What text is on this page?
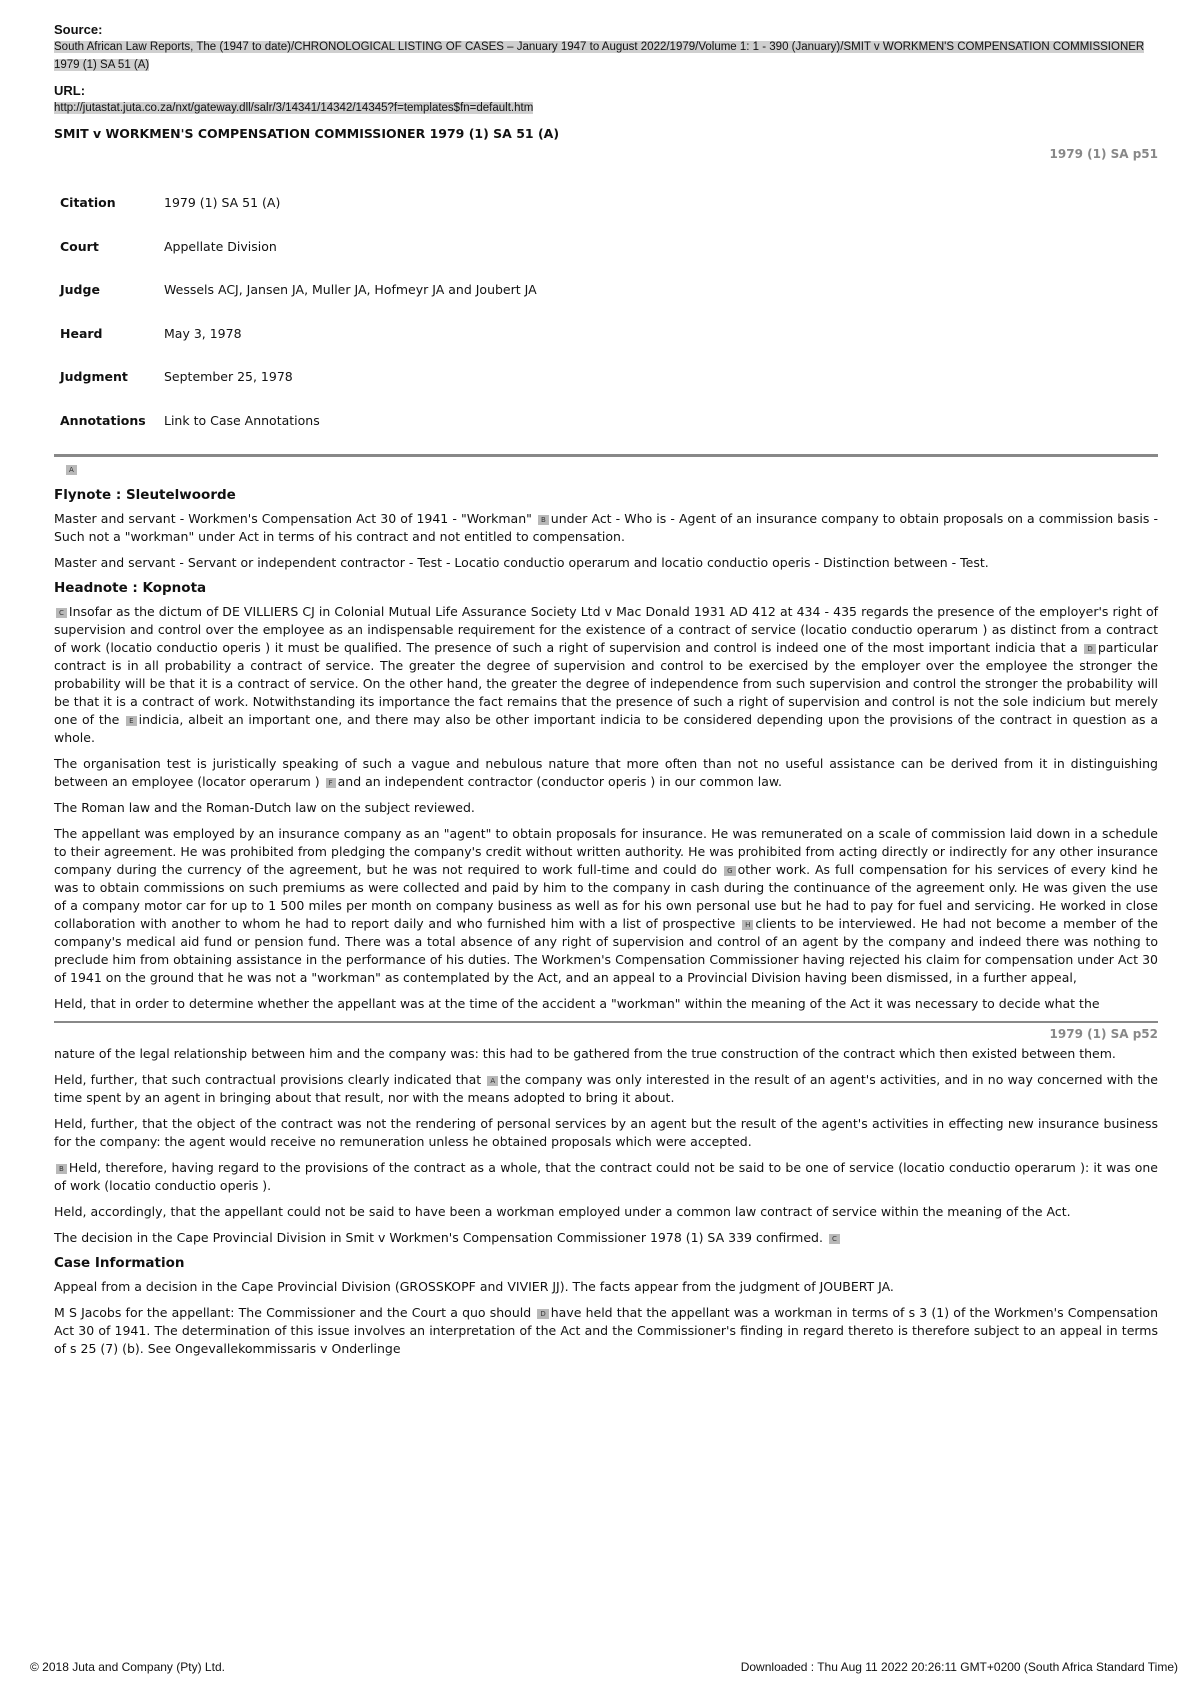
Source:
South African Law Reports, The (1947 to date)/CHRONOLOGICAL LISTING OF CASES – January 1947 to August 2022/1979/Volume 1: 1 - 390 (January)/SMIT v WORKMEN'S COMPENSATION COMMISSIONER 1979 (1) SA 51 (A)
URL:
http://jutastat.juta.co.za/nxt/gateway.dll/salr/3/14341/14342/14345?f=templates$fn=default.htm
SMIT v WORKMEN'S COMPENSATION COMMISSIONER 1979 (1) SA 51 (A)
1979 (1) SA p51
Citation	1979 (1) SA 51 (A)
Court	Appellate Division
Judge	Wessels ACJ, Jansen JA, Muller JA, Hofmeyr JA and Joubert JA
Heard	May 3, 1978
Judgment	September 25, 1978
Annotations	Link to Case Annotations
A
Flynote : Sleutelwoorde

Master and servant - Workmen's Compensation Act 30 of 1941 - "Workman" B under Act - Who is - Agent of an insurance company to obtain proposals on a commission basis - Such not a "workman" under Act in terms of his contract and not entitled to compensation.

Master and servant - Servant or independent contractor - Test - Locatio conductio operarum and locatio conductio operis - Distinction between - Test.

Headnote : Kopnota

C Insofar as the dictum of DE VILLIERS CJ in Colonial Mutual Life Assurance Society Ltd v Mac Donald 1931 AD 412 at 434 - 435 regards the presence of the employer's right of supervision and control over the employee as an indispensable requirement for the existence of a contract of service (locatio conductio operarum ) as distinct from a contract of work (locatio conductio operis ) it must be qualified. The presence of such a right of supervision and control is indeed one of the most important indicia that a D particular contract is in all probability a contract of service. The greater the degree of supervision and control to be exercised by the employer over the employee the stronger the probability will be that it is a contract of service. On the other hand, the greater the degree of independence from such supervision and control the stronger the probability will be that it is a contract of work. Notwithstanding its importance the fact remains that the presence of such a right of supervision and control is not the sole indicium but merely one of the E indicia, albeit an important one, and there may also be other important indicia to be considered depending upon the provisions of the contract in question as a whole.

The organisation test is juristically speaking of such a vague and nebulous nature that more often than not no useful assistance can be derived from it in distinguishing between an employee (locator operarum ) F and an independent contractor (conductor operis ) in our common law.

The Roman law and the Roman-Dutch law on the subject reviewed.

The appellant was employed by an insurance company as an "agent" to obtain proposals for insurance. He was remunerated on a scale of commission laid down in a schedule to their agreement. He was prohibited from pledging the company's credit without written authority. He was prohibited from acting directly or indirectly for any other insurance company during the currency of the agreement, but he was not required to work full-time and could do G other work. As full compensation for his services of every kind he was to obtain commissions on such premiums as were collected and paid by him to the company in cash during the continuance of the agreement only. He was given the use of a company motor car for up to 1 500 miles per month on company business as well as for his own personal use but he had to pay for fuel and servicing. He worked in close collaboration with another to whom he had to report daily and who furnished him with a list of prospective H clients to be interviewed. He had not become a member of the company's medical aid fund or pension fund. There was a total absence of any right of supervision and control of an agent by the company and indeed there was nothing to preclude him from obtaining assistance in the performance of his duties. The Workmen's Compensation Commissioner having rejected his claim for compensation under Act 30 of 1941 on the ground that he was not a "workman" as contemplated by the Act, and an appeal to a Provincial Division having been dismissed, in a further appeal,

Held, that in order to determine whether the appellant was at the time of the accident a "workman" within the meaning of the Act it was necessary to decide what the

1979 (1) SA p52

nature of the legal relationship between him and the company was: this had to be gathered from the true construction of the contract which then existed between them.

Held, further, that such contractual provisions clearly indicated that A the company was only interested in the result of an agent's activities, and in no way concerned with the time spent by an agent in bringing about that result, nor with the means adopted to bring it about.

Held, further, that the object of the contract was not the rendering of personal services by an agent but the result of the agent's activities in effecting new insurance business for the company: the agent would receive no remuneration unless he obtained proposals which were accepted.

B Held, therefore, having regard to the provisions of the contract as a whole, that the contract could not be said to be one of service (locatio conductio operarum ): it was one of work (locatio conductio operis ).

Held, accordingly, that the appellant could not be said to have been a workman employed under a common law contract of service within the meaning of the Act.

The decision in the Cape Provincial Division in Smit v Workmen's Compensation Commissioner 1978 (1) SA 339 confirmed. C

Case Information

Appeal from a decision in the Cape Provincial Division (GROSSKOPF and VIVIER JJ). The facts appear from the judgment of JOUBERT JA.

M S Jacobs for the appellant: The Commissioner and the Court a quo should D have held that the appellant was a workman in terms of s 3 (1) of the Workmen's Compensation Act 30 of 1941. The determination of this issue involves an interpretation of the Act and the Commissioner's finding in regard thereto is therefore subject to an appeal in terms of s 25 (7) (b). See Ongevallekommissaris v Onderlinge

© 2018 Juta and Company (Pty) Ltd.	Downloaded : Thu Aug 11 2022 20:26:11 GMT+0200 (South Africa Standard Time)
